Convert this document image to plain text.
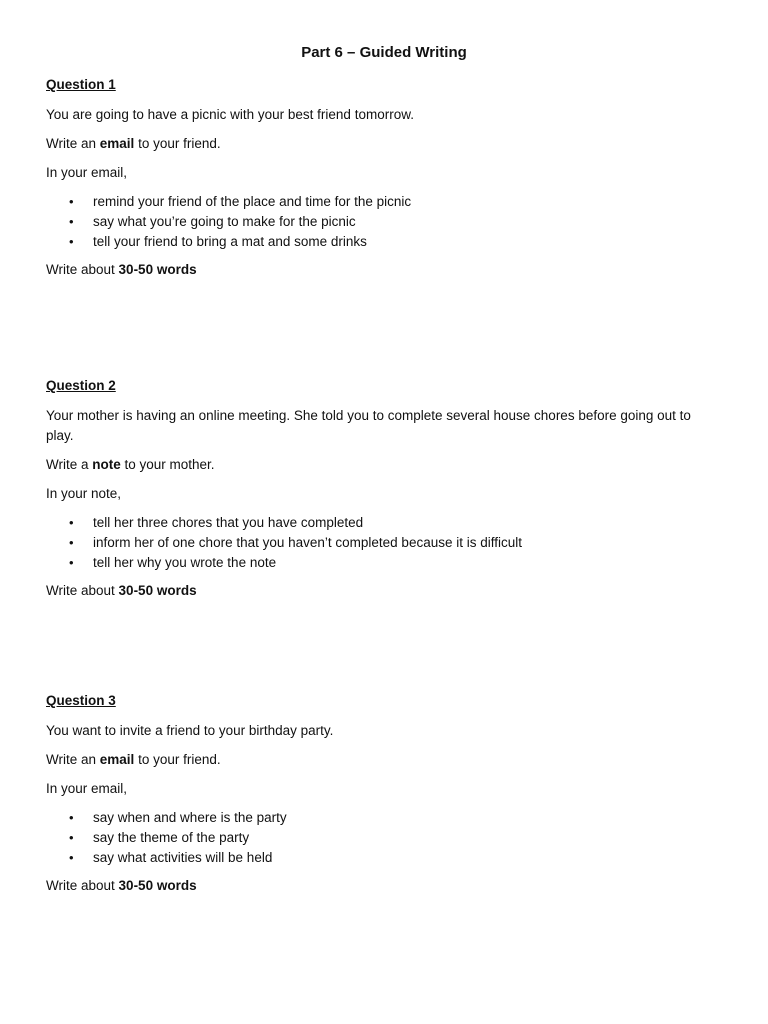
Part 6 – Guided Writing
Question 1
You are going to have a picnic with your best friend tomorrow.
Write an email to your friend.
In your email,
• remind your friend of the place and time for the picnic
• say what you’re going to make for the picnic
• tell your friend to bring a mat and some drinks
Write about 30-50 words
Question 2
Your mother is having an online meeting. She told you to complete several house chores before going out to play.
Write a note to your mother.
In your note,
• tell her three chores that you have completed
• inform her of one chore that you haven’t completed because it is difficult
• tell her why you wrote the note
Write about 30-50 words
Question 3
You want to invite a friend to your birthday party.
Write an email to your friend.
In your email,
• say when and where is the party
• say the theme of the party
• say what activities will be held
Write about 30-50 words
